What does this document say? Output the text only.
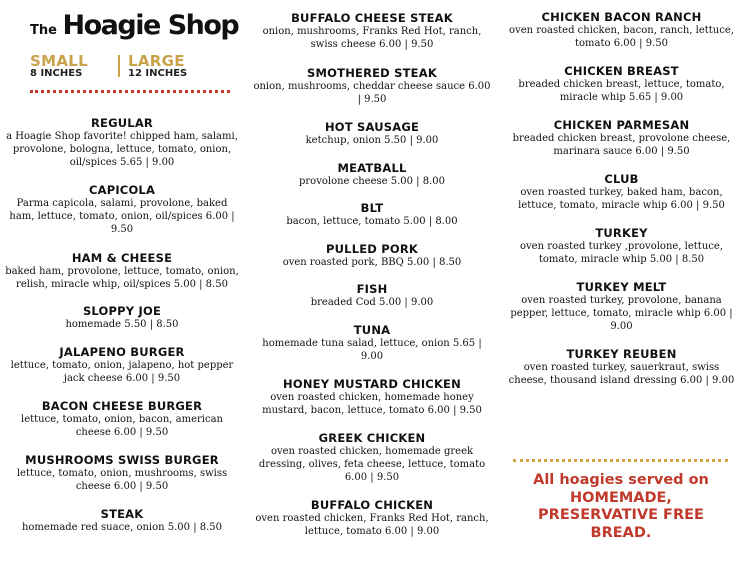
The Hoagie Shop
SMALL
8 INCHES
LARGE
12 INCHES
REGULAR
a Hoagie Shop favorite! chipped ham, salami, provolone, bologna, lettuce, tomato, onion, oil/spices 5.65 | 9.00
CAPICOLA
Parma capicola, salami, provolone, baked ham, lettuce, tomato, onion, oil/spices 6.00 | 9.50
HAM & CHEESE
baked ham, provolone, lettuce, tomato, onion, relish, miracle whip, oil/spices 5.00 | 8.50
SLOPPY JOE
homemade 5.50 | 8.50
JALAPENO BURGER
lettuce, tomato, onion, jalapeno, hot pepper jack cheese 6.00 | 9.50
BACON CHEESE BURGER
lettuce, tomato, onion, bacon, american cheese 6.00 | 9.50
MUSHROOMS SWISS BURGER
lettuce, tomato, onion, mushrooms, swiss cheese 6.00 | 9.50
STEAK
homemade red suace, onion 5.00 | 8.50
BUFFALO CHEESE STEAK
onion, mushrooms, Franks Red Hot, ranch, swiss cheese 6.00 | 9.50
SMOTHERED STEAK
onion, mushrooms, cheddar cheese sauce 6.00 | 9.50
HOT SAUSAGE
ketchup, onion 5.50 | 9.00
MEATBALL
provolone cheese 5.00 | 8.00
BLT
bacon, lettuce, tomato 5.00 | 8.00
PULLED PORK
oven roasted pork, BBQ 5.00 | 8.50
FISH
breaded Cod 5.00 | 9.00
TUNA
homemade tuna salad, lettuce, onion 5.65 | 9.00
HONEY MUSTARD CHICKEN
oven roasted chicken, homemade honey mustard, bacon, lettuce, tomato 6.00 | 9.50
GREEK CHICKEN
oven roasted chicken, homemade greek dressing, olives, feta cheese, lettuce, tomato 6.00 | 9.50
BUFFALO CHICKEN
oven roasted chicken, Franks Red Hot, ranch, lettuce, tomato 6.00 | 9.00
CHICKEN BACON RANCH
oven roasted chicken, bacon, ranch, lettuce, tomato 6.00 | 9.50
CHICKEN BREAST
breaded chicken breast, lettuce, tomato, miracle whip 5.65 | 9.00
CHICKEN PARMESAN
breaded chicken breast, provolone cheese, marinara sauce 6.00 | 9.50
CLUB
oven roasted turkey, baked ham, bacon, lettuce, tomato, miracle whip 6.00 | 9.50
TURKEY
oven roasted turkey ,provolone, lettuce, tomato, miracle whip 5.00 | 8.50
TURKEY MELT
oven roasted turkey, provolone, banana pepper, lettuce, tomato, miracle whip 6.00 | 9.00
TURKEY REUBEN
oven roasted turkey, sauerkraut, swiss cheese, thousand island dressing 6.00 | 9.00
All hoagies served on
HOMEMADE,
PRESERVATIVE FREE
BREAD.
